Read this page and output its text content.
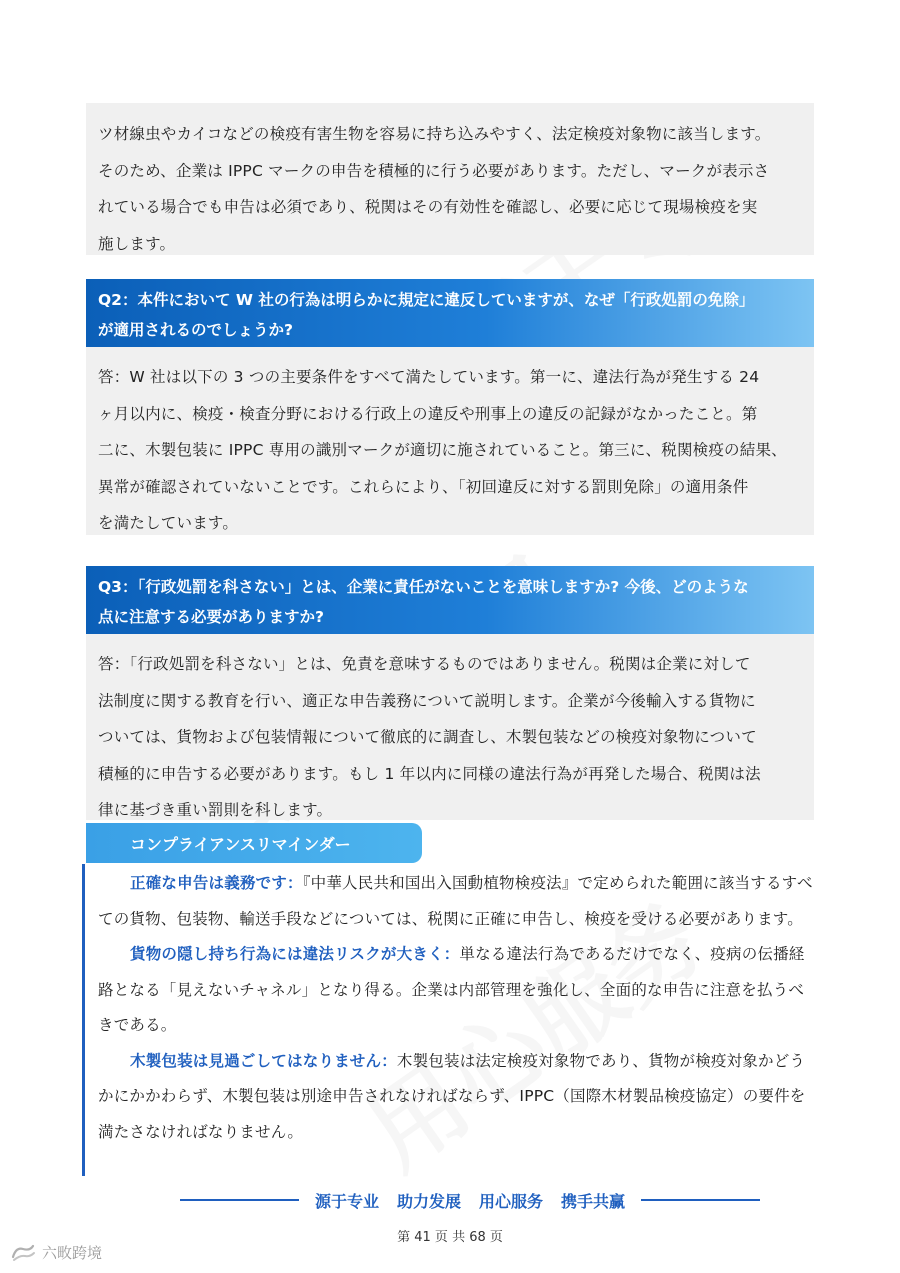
ツ材線虫やカイコなどの検疫有害生物を容易に持ち込みやすく、法定検疫対象物に該当します。

そのため、企業は IPPC マークの申告を積極的に行う必要があります。ただし、マークが表示さ

れている場合でも申告は必須であり、税関はその有効性を確認し、必要に応じて現場検疫を実

施します。

Q2：本件において W 社の行為は明らかに規定に違反していますが、なぜ「行政処罰の免除」

が適用されるのでしょうか?

答：W 社は以下の 3 つの主要条件をすべて満たしています。第一に、違法行為が発生する 24

ヶ月以内に、検疫・検査分野における行政上の違反や刑事上の違反の記録がなかったこと。第

二に、木製包装に IPPC 専用の識別マークが適切に施されていること。第三に、税関検疫の結果、

異常が確認されていないことです。これらにより、「初回違反に対する罰則免除」の適用条件

を満たしています。

Q3：「行政処罰を科さない」とは、企業に責任がないことを意味しますか? 今後、どのような

点に注意する必要がありますか?

答：「行政処罰を科さない」とは、免責を意味するものではありません。税関は企業に対して

法制度に関する教育を行い、適正な申告義務について説明します。企業が今後輸入する貨物に

ついては、貨物および包装情報について徹底的に調査し、木製包装などの検疫対象物について

積極的に申告する必要があります。もし 1 年以内に同様の違法行為が再発した場合、税関は法

律に基づき重い罰則を科します。

コンプライアンスリマインダー

正確な申告は義務です：『中華人民共和国出入国動植物検疫法』で定められた範囲に該当するすべての貨物、包装物、輸送手段などについては、税関に正確に申告し、検疫を受ける必要があります。

貨物の隠し持ち行為には違法リスクが大きく：単なる違法行為であるだけでなく、疫病の伝播経路となる「見えないチャネル」となり得る。企業は内部管理を強化し、全面的な申告に注意を払うべきである。

木製包装は見過ごしてはなりません：木製包装は法定検疫対象物であり、貨物が検疫対象かどうかにかかわらず、木製包装は別途申告されなければならず、IPPC（国際木材製品検疫協定）の要件を満たさなければなりません。

源于专业 助力发展 用心服务 携手共赢
第 41 页 共 68 页
六畋跨境
